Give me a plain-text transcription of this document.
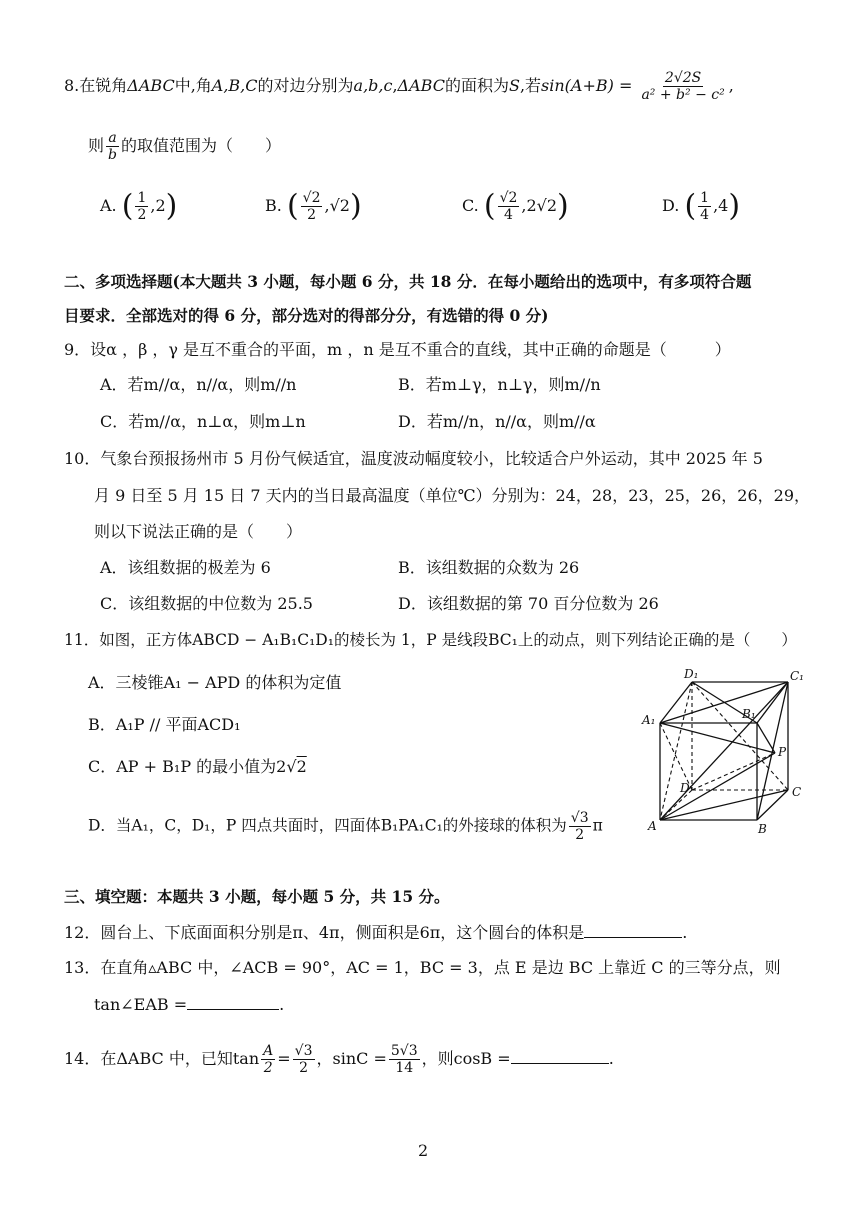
8.在锐角ΔABC中,角A,B,C的对边分别为a,b,c,ΔABC的面积为S,若$\sin(A+B) = \frac{2√2S}{\text{a² + b² − c²}}$ ,
则 $\frac{a}{b}$ 的取值范围为（　　）
A. ( $\frac{1}{2} ,2$)	B. ( $\frac{√2}{2} ,√2$)	C. ( $\frac{√2}{4} ,2√2$)	D. ( $\frac{1}{4} ,4$)
二、多项选择题(本大题共 3 小题，每小题 6 分，共 18 分．在每小题给出的选项中，有多项符合题
目要求．全部选对的得 6 分，部分选对的得部分分，有选错的得 0 分)
9．设α ，β ，γ 是互不重合的平面，m ，n 是互不重合的直线，其中正确的命题是（　　　）
A．若m//α，n//α，则m//n	B．若m⊥γ，n⊥γ，则m//n
C．若m//α，n⊥α，则m⊥n	D．若m//n，n//α，则m//α
10．气象台预报扬州市 5 月份气候适宜，温度波动幅度较小，比较适合户外运动，其中 2025 年 5
月 9 日至 5 月 15 日 7 天内的当日最高温度（单位℃）分别为：24，28，23，25，26，26，29，
则以下说法正确的是（　　）
A．该组数据的极差为 6	B．该组数据的众数为 26
C．该组数据的中位数为 25.5	D．该组数据的第 70 百分位数为 26
11．如图，正方体ABCD − A₁B₁C₁D₁的棱长为 1，P 是线段BC₁上的动点，则下列结论正确的是（　　）
A．三棱锥A₁ − APD 的体积为定值
B．A₁P // 平面ACD₁
C．AP + B₁P 的最小值为2√2
D．当A₁，C，D₁，P 四点共面时，四面体B₁PA₁C₁的外接球的体积为 $\frac{√3}{2}$ π
D₁	C₁
A₁	B₁
P
D	C
A	B
三、填空题：本题共 3 小题，每小题 5 分，共 15 分。
12．圆台上、下底面面积分别是π、4π，侧面积是6π，这个圆台的体积是	.
13．在直角▵ABC 中，∠ACB = 90°，AC = 1，BC = 3，点 E 是边 BC 上靠近 C 的三等分点，则
tan∠EAB =	.
14．在ΔABC 中，已知$\tan \frac{A}{2} = \frac{√3}{2}$ ，$\sin C = \frac{5√3}{14}$ ，则cosB =	.
2
